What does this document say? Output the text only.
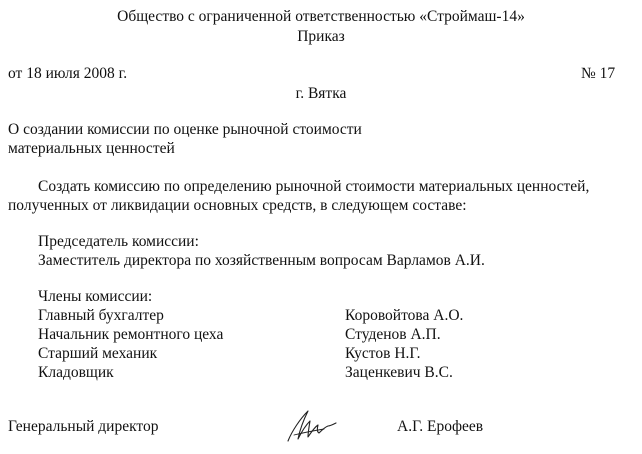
Общество с ограниченной ответственностью «Строймаш-14»
Приказ
от 18 июля 2008 г.	№ 17
г. Вятка
О создании комиссии по оценке рыночной стоимости
материальных ценностей
Создать комиссию по определению рыночной стоимости материальных ценностей,
полученных от ликвидации основных средств, в следующем составе:
Председатель комиссии:
Заместитель директора по хозяйственным вопросам Варламов А.И.
Члены комиссии:
Главный бухгалтер	Коровойтова А.О.
Начальник ремонтного цеха	Студенов А.П.
Старший механик	Кустов Н.Г.
Кладовщик	Заценкевич В.С.
Генеральный директор	А.Г. Ерофеев
